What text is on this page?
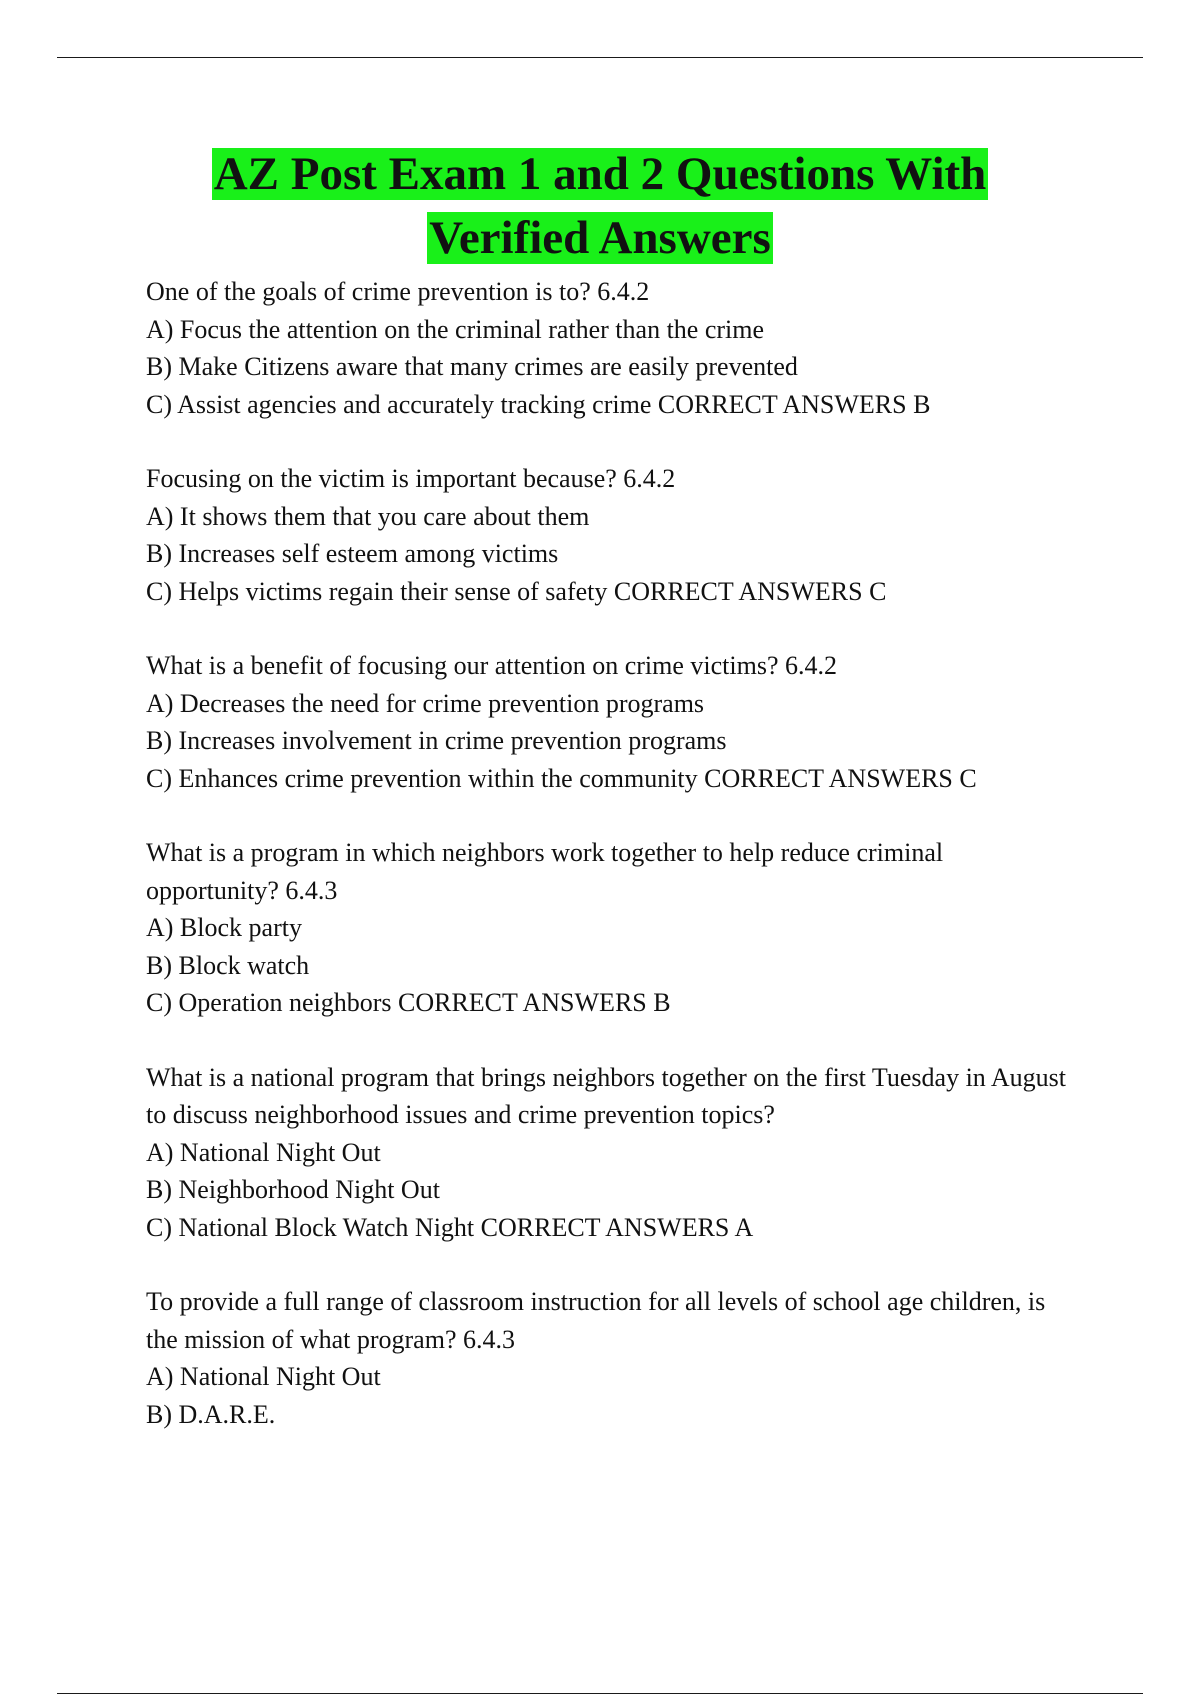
AZ Post Exam 1 and 2 Questions With
Verified Answers

One of the goals of crime prevention is to? 6.4.2

A) Focus the attention on the criminal rather than the crime

B) Make Citizens aware that many crimes are easily prevented

C) Assist agencies and accurately tracking crime CORRECT ANSWERS B

Focusing on the victim is important because? 6.4.2

A) It shows them that you care about them

B) Increases self esteem among victims

C) Helps victims regain their sense of safety CORRECT ANSWERS C

What is a benefit of focusing our attention on crime victims? 6.4.2

A) Decreases the need for crime prevention programs

B) Increases involvement in crime prevention programs

C) Enhances crime prevention within the community CORRECT ANSWERS C

What is a program in which neighbors work together to help reduce criminal opportunity? 6.4.3

A) Block party

B) Block watch

C) Operation neighbors CORRECT ANSWERS B

What is a national program that brings neighbors together on the first Tuesday in August to discuss neighborhood issues and crime prevention topics?

A) National Night Out

B) Neighborhood Night Out

C) National Block Watch Night CORRECT ANSWERS A

To provide a full range of classroom instruction for all levels of school age children, is the mission of what program? 6.4.3

A) National Night Out

B) D.A.R.E.
